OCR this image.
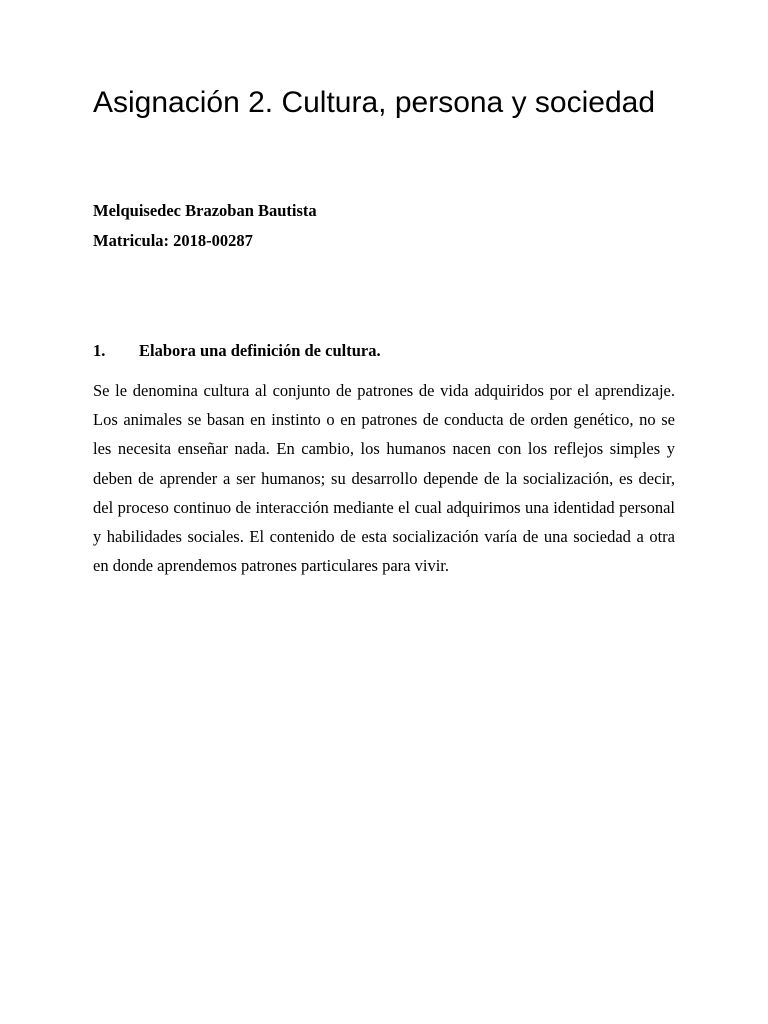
Asignación 2. Cultura, persona y sociedad

Melquisedec Brazoban Bautista

Matricula: 2018-00287

1. Elabora una definición de cultura.

Se le denomina cultura al conjunto de patrones de vida adquiridos por el aprendizaje. Los animales se basan en instinto o en patrones de conducta de orden genético, no se les necesita enseñar nada. En cambio, los humanos nacen con los reflejos simples y deben de aprender a ser humanos; su desarrollo depende de la socialización, es decir, del proceso continuo de interacción mediante el cual adquirimos una identidad personal y habilidades sociales. El contenido de esta socialización varía de una sociedad a otra en donde aprendemos patrones particulares para vivir.
